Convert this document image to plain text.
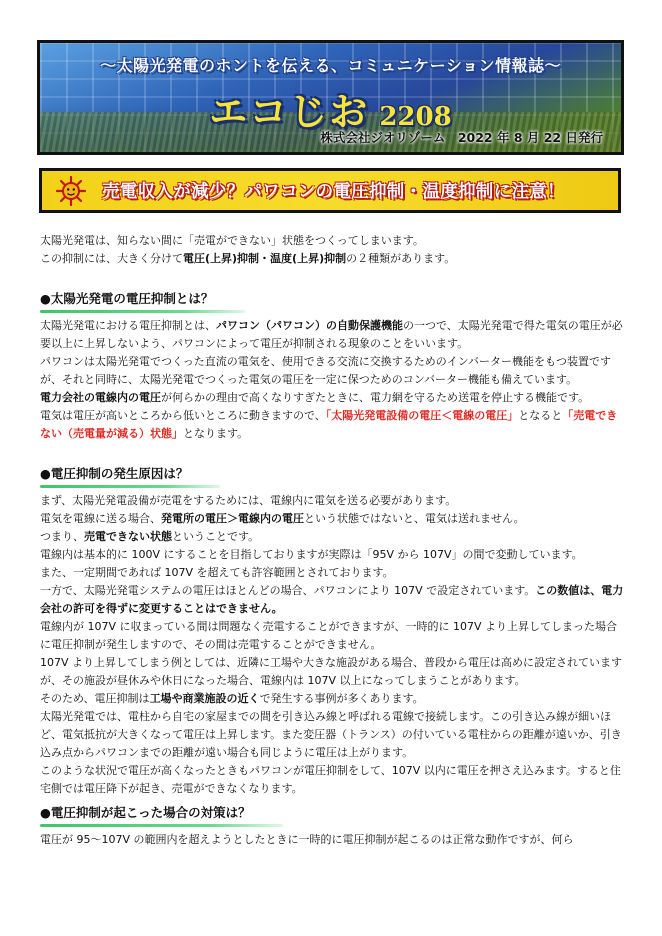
～太陽光発電のホントを伝える、コミュニケーション情報誌～
エコじお 2208
株式会社ジオリゾーム　2022 年 8 月 22 日発行
売電収入が減少？パワコンの電圧抑制・温度抑制に注意！

太陽光発電は、知らない間に「売電ができない」状態をつくってしまいます。

この抑制には、大きく分けて電圧(上昇)抑制・温度(上昇)抑制の２種類があります。

●太陽光発電の電圧抑制とは？

太陽光発電における電圧抑制とは、パワコン（パワコン）の自動保護機能の一つで、太陽光発電で得た電気の電圧が必要以上に上昇しないよう、パワコンによって電圧が抑制される現象のことをいいます。

パワコンは太陽光発電でつくった直流の電気を、使用できる交流に交換するためのインバーター機能をもつ装置ですが、それと同時に、太陽光発電でつくった電気の電圧を一定に保つためのコンバーター機能も備えています。

電力会社の電線内の電圧が何らかの理由で高くなりすぎたときに、電力網を守るため送電を停止する機能です。

電気は電圧が高いところから低いところに動きますので、「太陽光発電設備の電圧＜電線の電圧」となると「売電できない（売電量が減る）状態」となります。

●電圧抑制の発生原因は？

まず、太陽光発電設備が売電をするためには、電線内に電気を送る必要があります。

電気を電線に送る場合、発電所の電圧＞電線内の電圧という状態ではないと、電気は送れません。

つまり、売電できない状態ということです。

電線内は基本的に 100V にすることを目指しておりますが実際は「95V から 107V」の間で変動しています。

また、一定期間であれば 107V を超えても許容範囲とされております。

一方で、太陽光発電システムの電圧はほとんどの場合、パワコンにより 107V で設定されています。この数値は、電力会社の許可を得ずに変更することはできません。

電線内が 107V に収まっている間は問題なく売電することができますが、一時的に 107V より上昇してしまった場合に電圧抑制が発生しますので、その間は売電することができません。

107V より上昇してしまう例としては、近隣に工場や大きな施設がある場合、普段から電圧は高めに設定されていますが、その施設が昼休みや休日になった場合、電線内は 107V 以上になってしまうことがあります。

そのため、電圧抑制は工場や商業施設の近くで発生する事例が多くあります。

太陽光発電では、電柱から自宅の家屋までの間を引き込み線と呼ばれる電線で接続します。この引き込み線が細いほど、電気抵抗が大きくなって電圧は上昇します。また変圧器（トランス）の付いている電柱からの距離が遠いか、引き込み点からパワコンまでの距離が遠い場合も同じように電圧は上がります。

このような状況で電圧が高くなったときもパワコンが電圧抑制をして、107V 以内に電圧を押さえ込みます。すると住宅側では電圧降下が起き、売電ができなくなります。

●電圧抑制が起こった場合の対策は？

電圧が 95～107V の範囲内を超えようとしたときに一時的に電圧抑制が起こるのは正常な動作ですが、何ら
